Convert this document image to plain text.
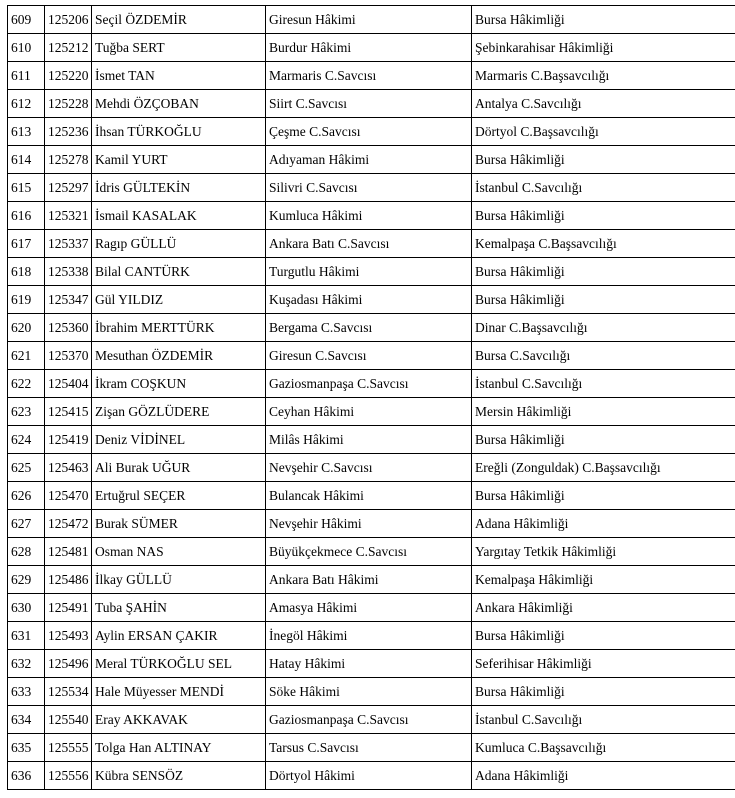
609	125206	Seçil ÖZDEMİR	Giresun Hâkimi	Bursa Hâkimliği
610	125212	Tuğba SERT	Burdur Hâkimi	Şebinkarahisar Hâkimliği
611	125220	İsmet TAN	Marmaris C.Savcısı	Marmaris C.Başsavcılığı
612	125228	Mehdi ÖZÇOBAN	Siirt C.Savcısı	Antalya C.Savcılığı
613	125236	İhsan TÜRKOĞLU	Çeşme C.Savcısı	Dörtyol C.Başsavcılığı
614	125278	Kamil YURT	Adıyaman Hâkimi	Bursa Hâkimliği
615	125297	İdris GÜLTEKİN	Silivri C.Savcısı	İstanbul C.Savcılığı
616	125321	İsmail KASALAK	Kumluca Hâkimi	Bursa Hâkimliği
617	125337	Ragıp GÜLLÜ	Ankara Batı C.Savcısı	Kemalpaşa C.Başsavcılığı
618	125338	Bilal CANTÜRK	Turgutlu Hâkimi	Bursa Hâkimliği
619	125347	Gül YILDIZ	Kuşadası Hâkimi	Bursa Hâkimliği
620	125360	İbrahim MERTTÜRK	Bergama C.Savcısı	Dinar C.Başsavcılığı
621	125370	Mesuthan ÖZDEMİR	Giresun C.Savcısı	Bursa C.Savcılığı
622	125404	İkram COŞKUN	Gaziosmanpaşa C.Savcısı	İstanbul C.Savcılığı
623	125415	Zişan GÖZLÜDERE	Ceyhan Hâkimi	Mersin Hâkimliği
624	125419	Deniz VİDİNEL	Milâs Hâkimi	Bursa Hâkimliği
625	125463	Ali Burak UĞUR	Nevşehir C.Savcısı	Ereğli (Zonguldak) C.Başsavcılığı
626	125470	Ertuğrul SEÇER	Bulancak Hâkimi	Bursa Hâkimliği
627	125472	Burak SÜMER	Nevşehir Hâkimi	Adana Hâkimliği
628	125481	Osman NAS	Büyükçekmece C.Savcısı	Yargıtay Tetkik Hâkimliği
629	125486	İlkay GÜLLÜ	Ankara Batı Hâkimi	Kemalpaşa Hâkimliği
630	125491	Tuba ŞAHİN	Amasya Hâkimi	Ankara Hâkimliği
631	125493	Aylin ERSAN ÇAKIR	İnegöl Hâkimi	Bursa Hâkimliği
632	125496	Meral TÜRKOĞLU SEL	Hatay Hâkimi	Seferihisar Hâkimliği
633	125534	Hale Müyesser MENDİ	Söke Hâkimi	Bursa Hâkimliği
634	125540	Eray AKKAVAK	Gaziosmanpaşa C.Savcısı	İstanbul C.Savcılığı
635	125555	Tolga Han ALTINAY	Tarsus C.Savcısı	Kumluca C.Başsavcılığı
636	125556	Kübra SENSÖZ	Dörtyol Hâkimi	Adana Hâkimliği
